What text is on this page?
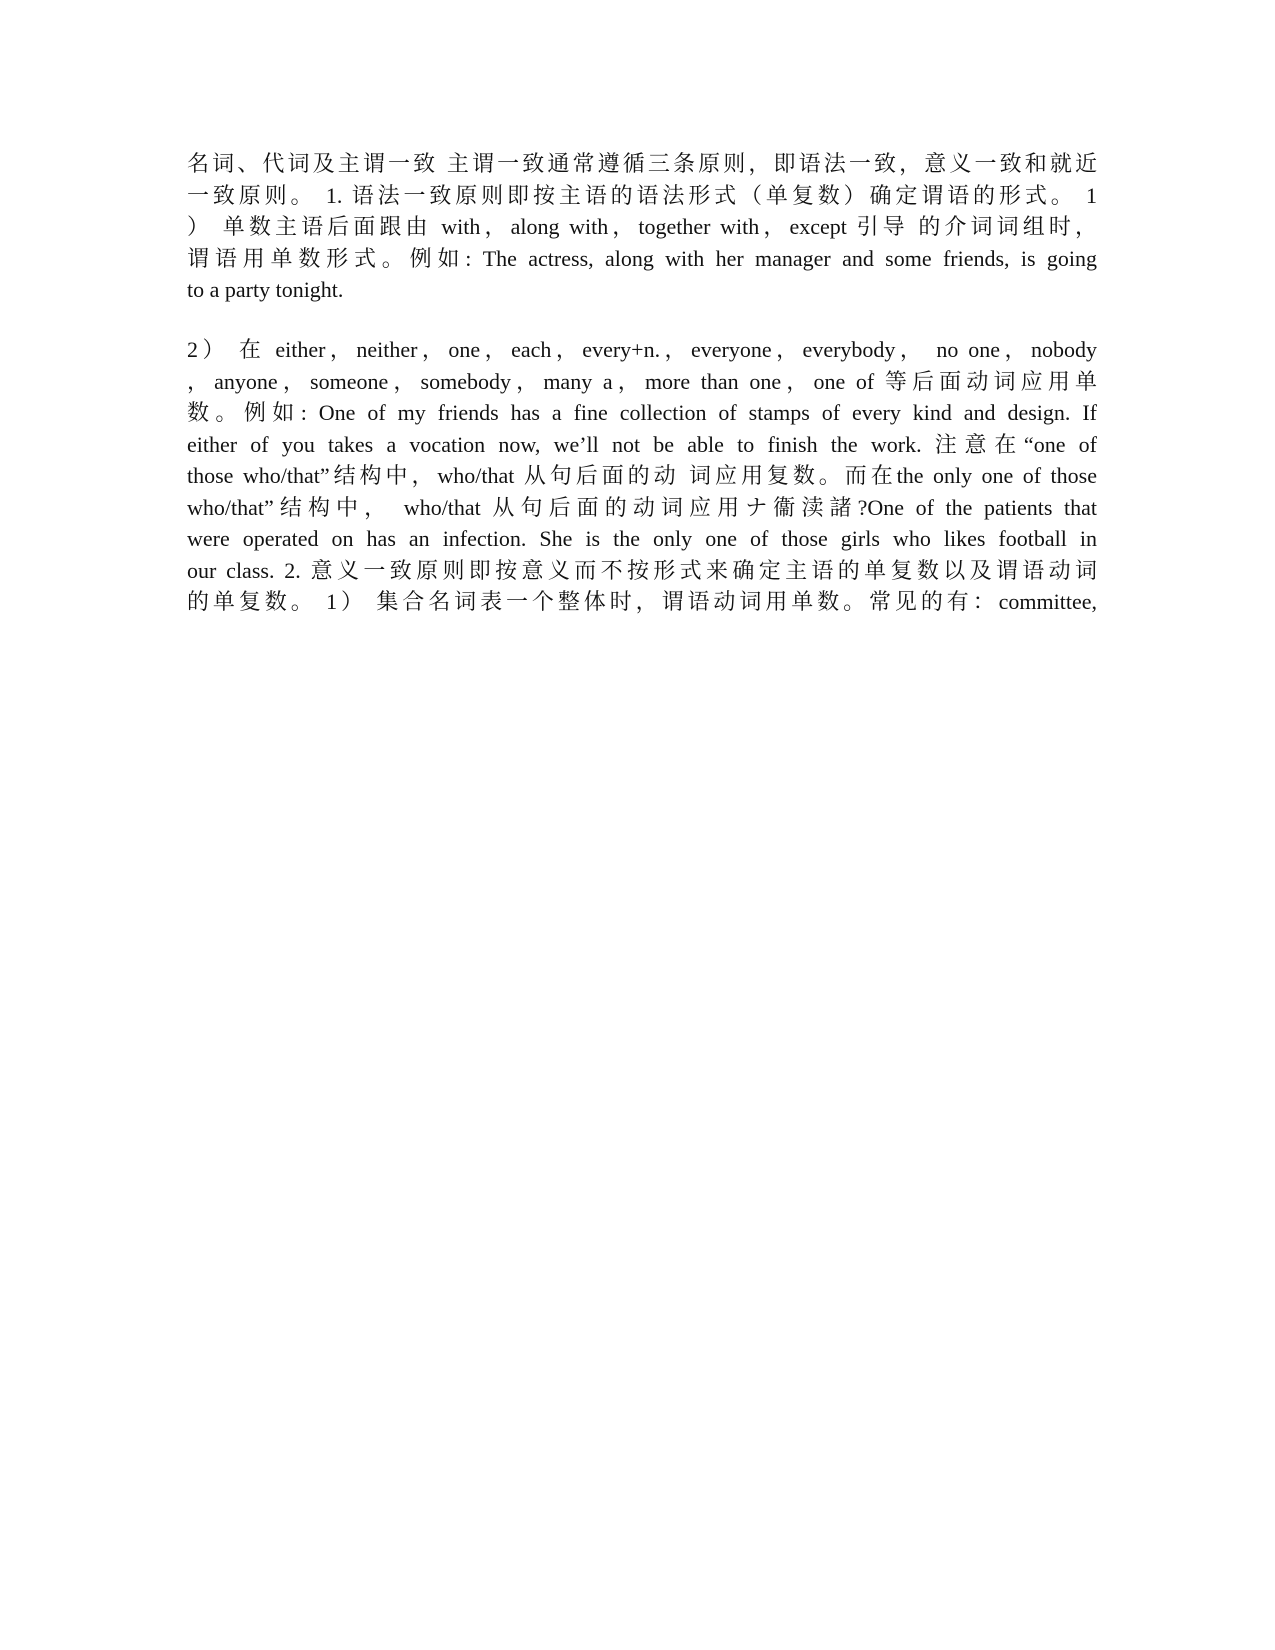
名词、代词及主谓一致 主谓一致通常遵循三条原则，即语法一致，意义一致和就近
一致原则。 1. 语法一致原则即按主语的语法形式（单复数）确定谓语的形式。 1
） 单数主语后面跟由 with，along with，together with，except 引导 的介词词组时，
谓语用单数形式。例如: The actress, along with her manager and some friends, is going
to a party tonight.
2） 在 either，neither，one，each，every+n.，everyone，everybody， no one，nobody
，anyone，someone，somebody，many a，more than one，one of 等后面动词应用单
数。例如: One of my friends has a fine collection of stamps of every kind and design. If
either of you takes a vocation now, we’ll not be able to finish the work. 注意在“one of
those who/that”结构中，who/that 从句后面的动 词应用复数。而在the only one of those
who/that”结构中， who/that 从句后面的动词应用ナ衞渎諸?One of the patients that
were operated on has an infection. She is the only one of those girls who likes football in
our class. 2. 意义一致原则即按意义而不按形式来确定主语的单复数以及谓语动词
的单复数。 1） 集合名词表一个整体时，谓语动词用单数。常见的有：committee,
